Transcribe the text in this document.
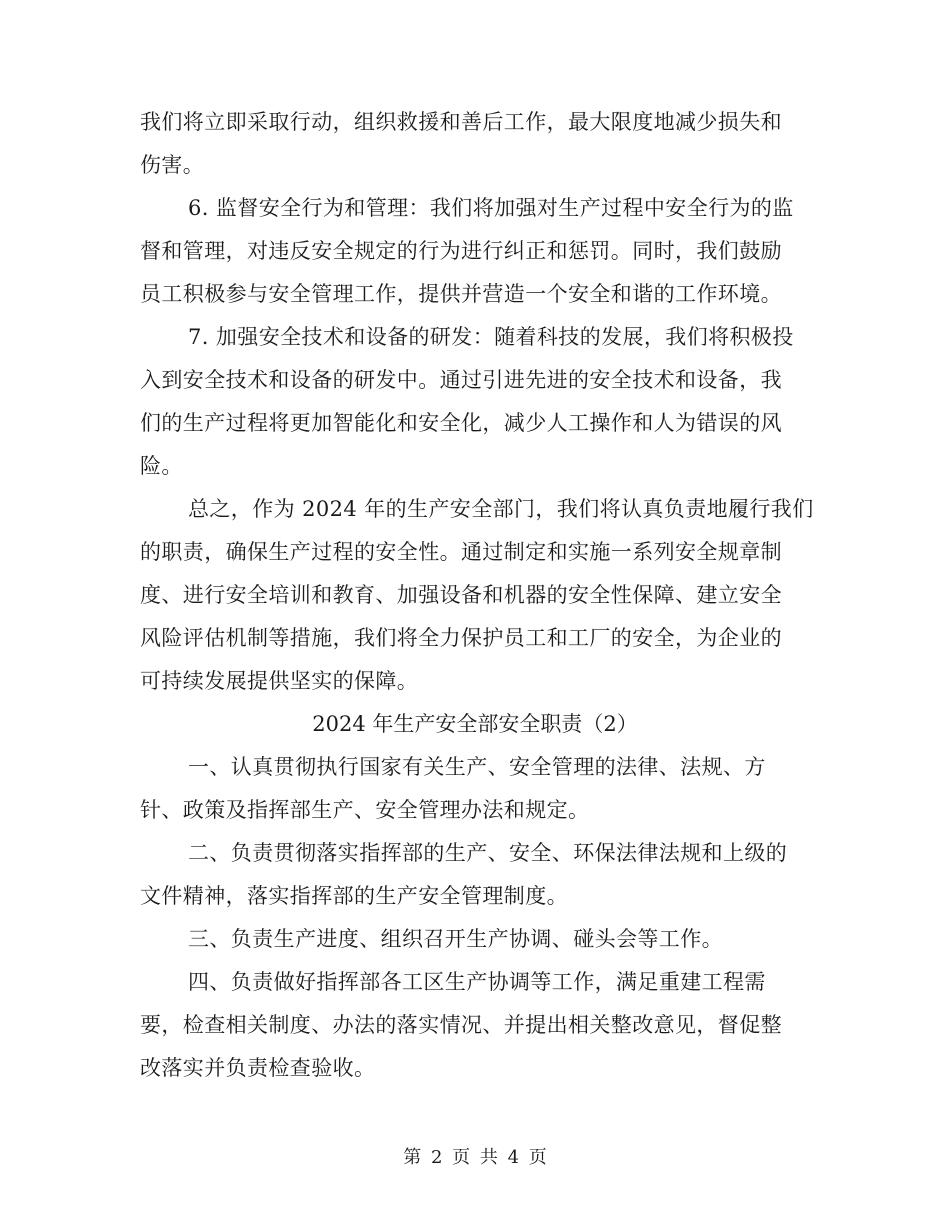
我们将立即采取行动，组织救援和善后工作，最大限度地减少损失和
伤害。
6. 监督安全行为和管理：我们将加强对生产过程中安全行为的监
督和管理，对违反安全规定的行为进行纠正和惩罚。同时，我们鼓励
员工积极参与安全管理工作，提供并营造一个安全和谐的工作环境。
7. 加强安全技术和设备的研发：随着科技的发展，我们将积极投
入到安全技术和设备的研发中。通过引进先进的安全技术和设备，我
们的生产过程将更加智能化和安全化，减少人工操作和人为错误的风
险。
总之，作为 2024 年的生产安全部门，我们将认真负责地履行我们
的职责，确保生产过程的安全性。通过制定和实施一系列安全规章制
度、进行安全培训和教育、加强设备和机器的安全性保障、建立安全
风险评估机制等措施，我们将全力保护员工和工厂的安全，为企业的
可持续发展提供坚实的保障。
2024 年生产安全部安全职责（2）
一、认真贯彻执行国家有关生产、安全管理的法律、法规、方
针、政策及指挥部生产、安全管理办法和规定。
二、负责贯彻落实指挥部的生产、安全、环保法律法规和上级的
文件精神，落实指挥部的生产安全管理制度。
三、负责生产进度、组织召开生产协调、碰头会等工作。
四、负责做好指挥部各工区生产协调等工作，满足重建工程需
要，检查相关制度、办法的落实情况、并提出相关整改意见，督促整
改落实并负责检查验收。
第 2 页 共 4 页
